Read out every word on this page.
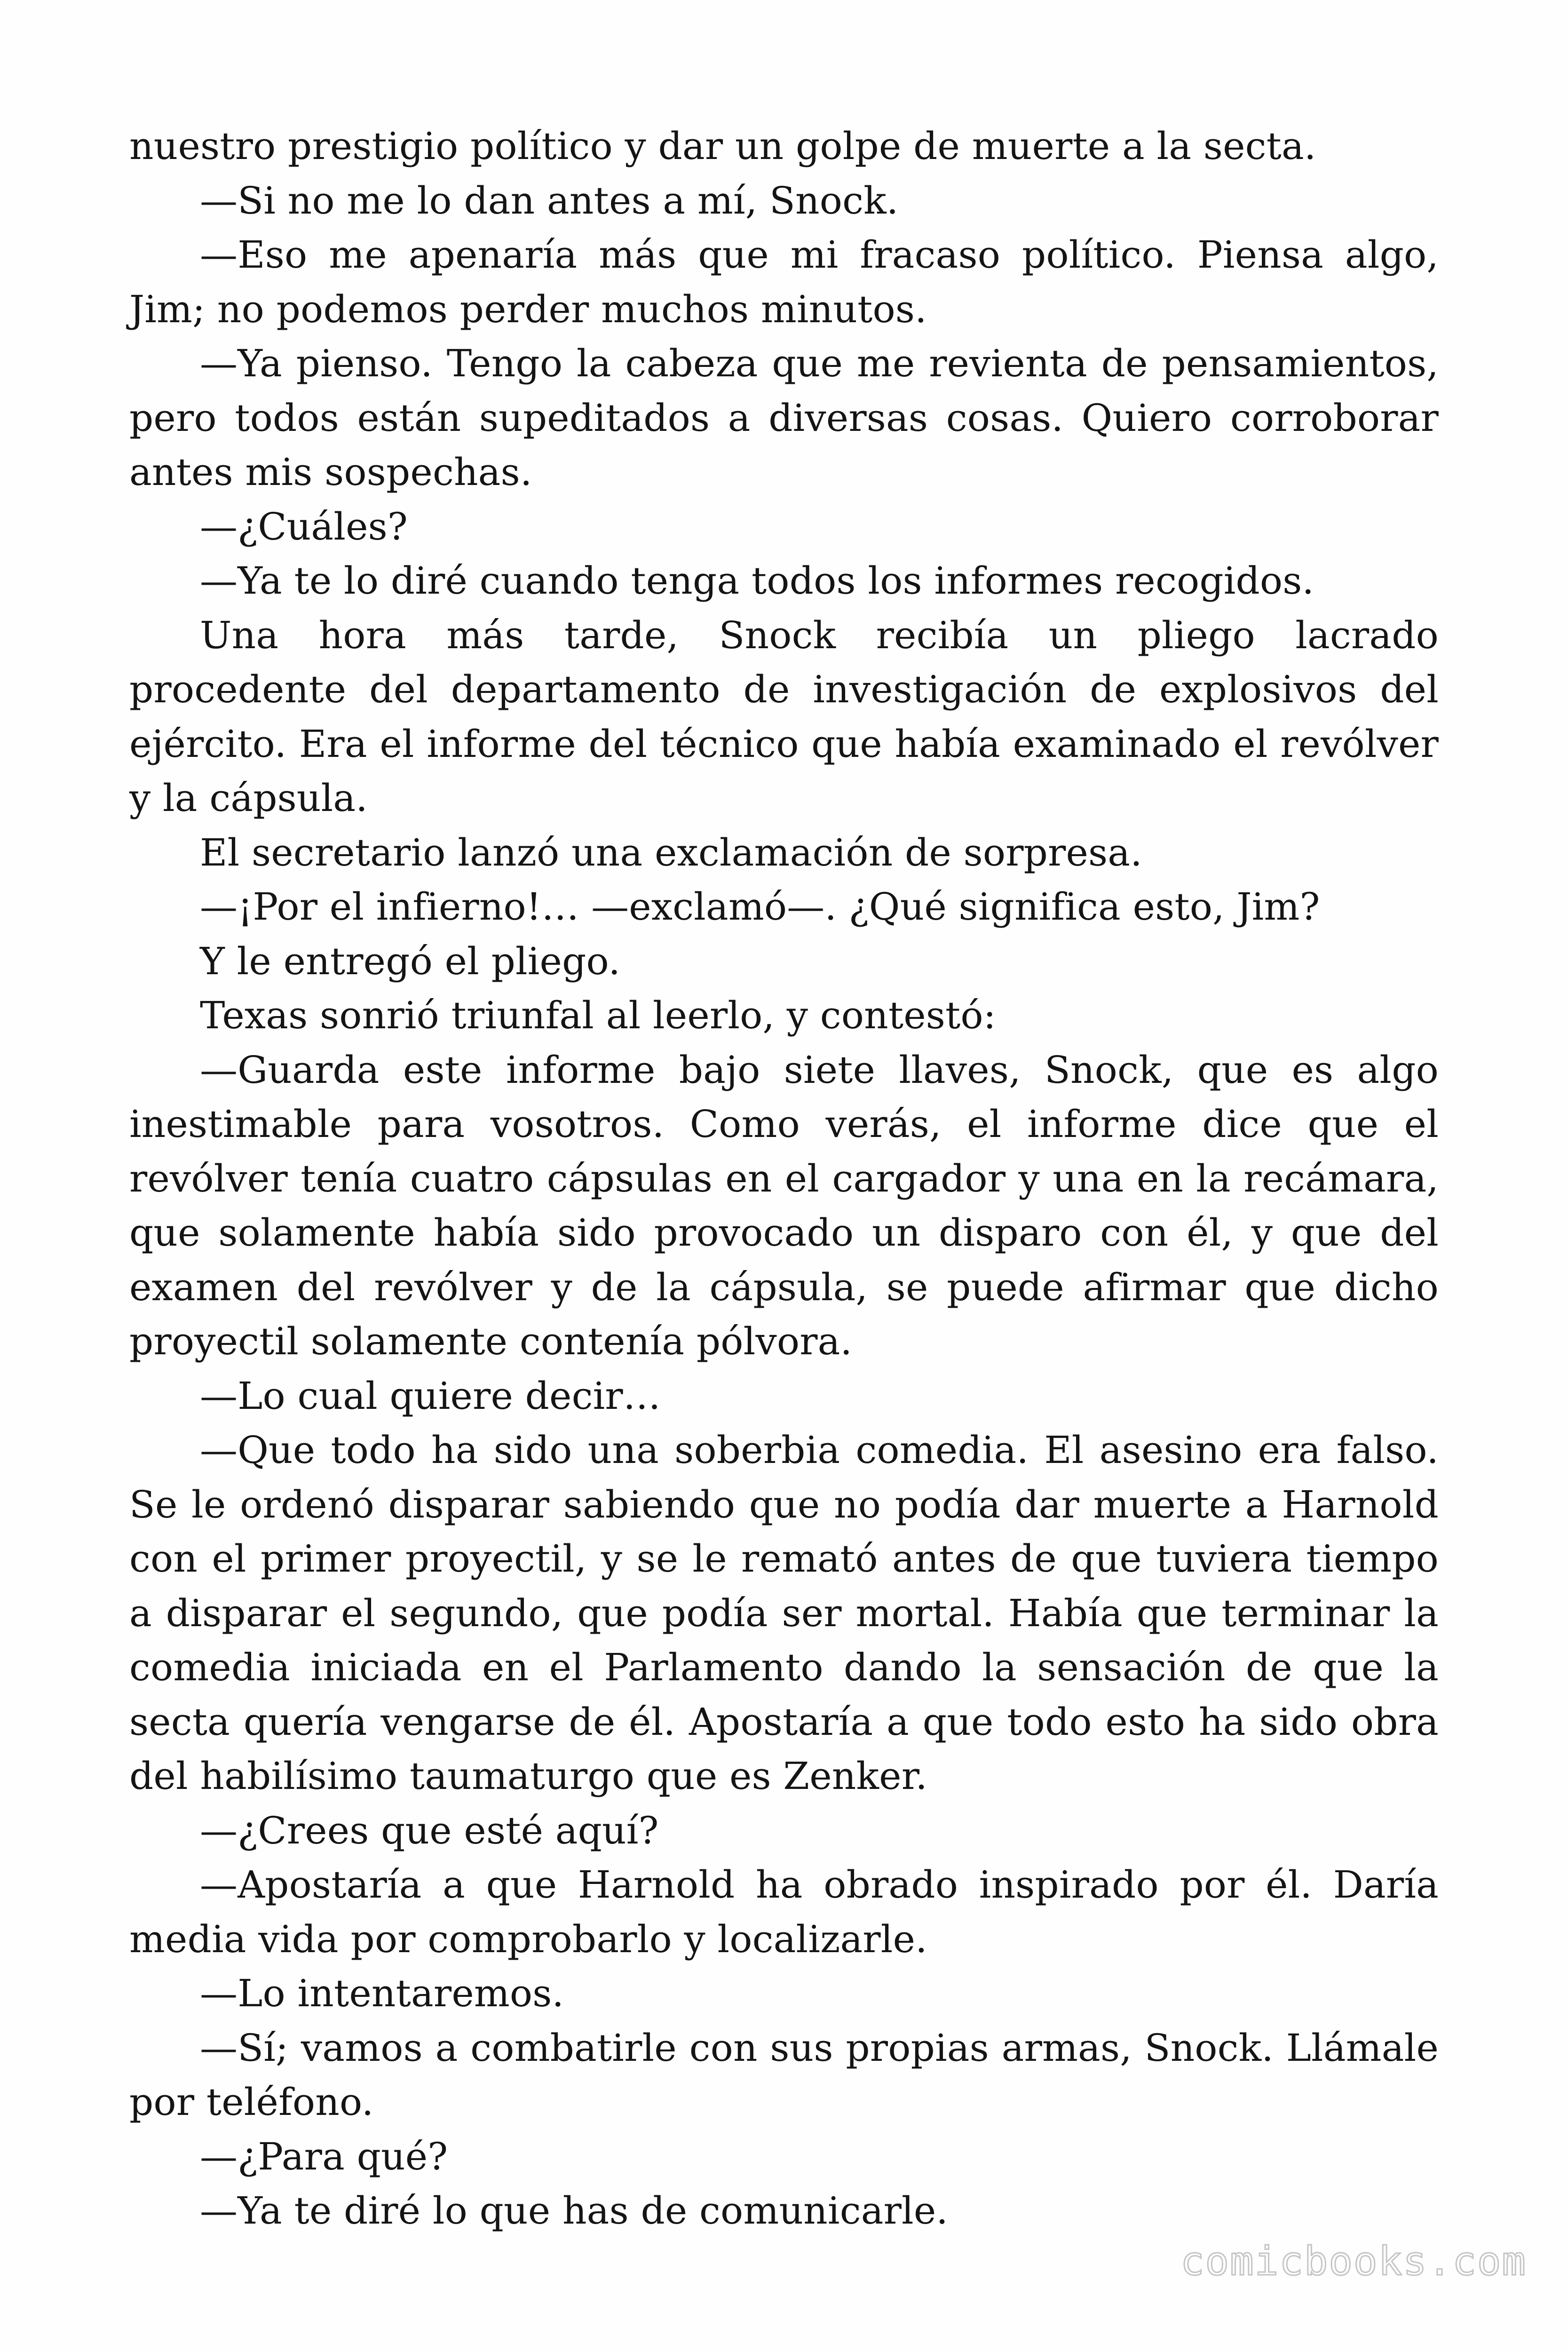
nuestro prestigio político y dar un golpe de muerte a la secta.

—Si no me lo dan antes a mí, Snock.

—Eso me apenaría más que mi fracaso político. Piensa algo, Jim; no podemos perder muchos minutos.

—Ya pienso. Tengo la cabeza que me revienta de pensamientos, pero todos están supeditados a diversas cosas. Quiero corroborar antes mis sospechas.

—¿Cuáles?

—Ya te lo diré cuando tenga todos los informes recogidos.

Una hora más tarde, Snock recibía un pliego lacrado procedente del departamento de investigación de explosivos del ejército. Era el informe del técnico que había examinado el revólver y la cápsula.

El secretario lanzó una exclamación de sorpresa.

—¡Por el infierno!… —exclamó—. ¿Qué significa esto, Jim?

Y le entregó el pliego.

Texas sonrió triunfal al leerlo, y contestó:

—Guarda este informe bajo siete llaves, Snock, que es algo inestimable para vosotros. Como verás, el informe dice que el revólver tenía cuatro cápsulas en el cargador y una en la recámara, que solamente había sido provocado un disparo con él, y que del examen del revólver y de la cápsula, se puede afirmar que dicho proyectil solamente contenía pólvora.

—Lo cual quiere decir…

—Que todo ha sido una soberbia comedia. El asesino era falso. Se le ordenó disparar sabiendo que no podía dar muerte a Harnold con el primer proyectil, y se le remató antes de que tuviera tiempo a disparar el segundo, que podía ser mortal. Había que terminar la comedia iniciada en el Parlamento dando la sensación de que la secta quería vengarse de él. Apostaría a que todo esto ha sido obra del habilísimo taumaturgo que es Zenker.

—¿Crees que esté aquí?

—Apostaría a que Harnold ha obrado inspirado por él. Daría media vida por comprobarlo y localizarle.

—Lo intentaremos.

—Sí; vamos a combatirle con sus propias armas, Snock. Llámale por teléfono.

—¿Para qué?

—Ya te diré lo que has de comunicarle.

comicbooks.com
